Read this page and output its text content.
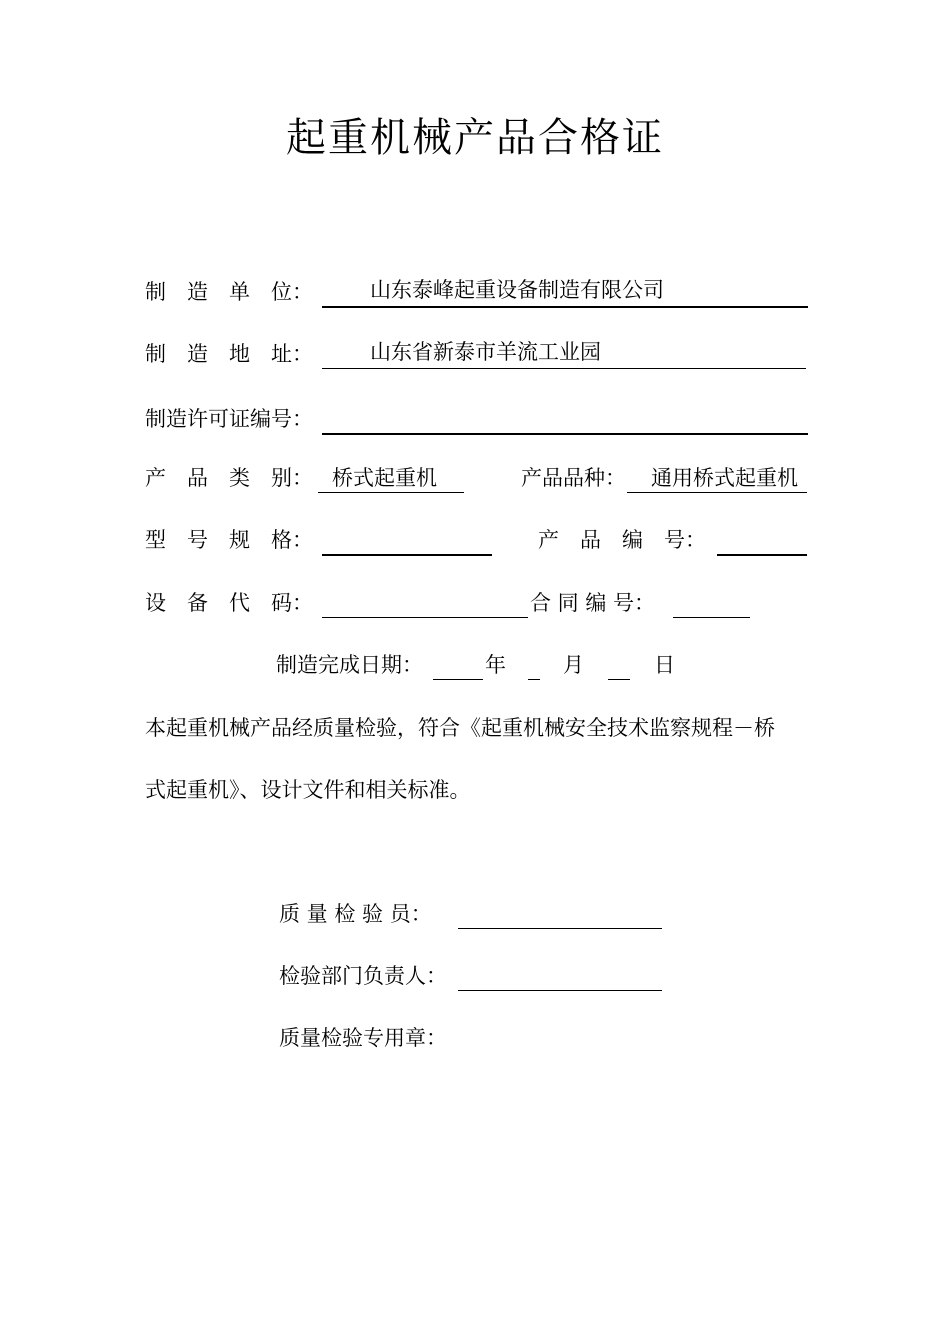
起重机械产品合格证
制　造　单　位：	山东泰峰起重设备制造有限公司
制　造　地　址：	山东省新泰市羊流工业园
制造许可证编号：
产　品　类　别： 桥式起重机	产品品种： 通用桥式起重机
型　号　规　格：	产　品　编　号：
设　备　代　码：	合 同 编 号：
制造完成日期：	年	月	日
本起重机械产品经质量检验，符合《起重机械安全技术监察规程－桥
式起重机》、设计文件和相关标准。
质 量 检 验 员：
检验部门负责人：
质量检验专用章：
